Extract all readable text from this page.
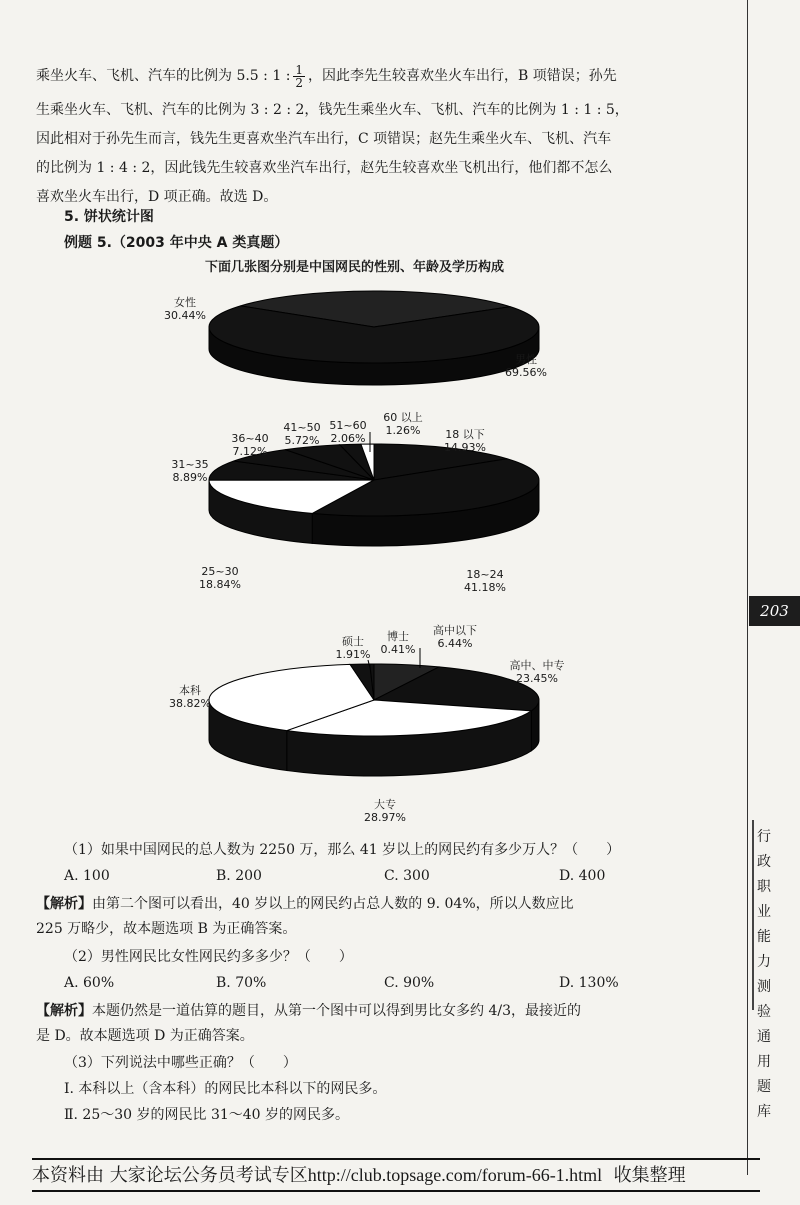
乘坐火车、飞机、汽车的比例为 5.5 : 1 : $\frac{1}{2}$ ，因此李先生较喜欢坐火车出行，B 项错误；孙先
生乘坐火车、飞机、汽车的比例为 3 : 2 : 2，钱先生乘坐火车、飞机、汽车的比例为 1 : 1 : 5，
因此相对于孙先生而言，钱先生更喜欢坐汽车出行，C 项错误；赵先生乘坐火车、飞机、汽车
的比例为 1 : 4 : 2，因此钱先生较喜欢坐汽车出行，赵先生较喜欢坐飞机出行，他们都不怎么
喜欢坐火车出行，D 项正确。故选 D。
5. 饼状统计图
例题 5.（2003 年中央 A 类真题）
下面几张图分别是中国网民的性别、年龄及学历构成
女性
30.44%
男性
69.56%
18 以下
14.93%
18~24
41.18%
25~30
18.84%
31~35
8.89%
36~40
7.12%
41~50
5.72%
51~60
2.06%
60 以上
1.26%
高中以下
6.44%
高中、中专
23.45%
大专
28.97%
本科
38.82%
硕士
1.91%
博士
0.41%
（1）如果中国网民的总人数为 2250 万，那么 41 岁以上的网民约有多少万人？（　　）
A. 100	B. 200	C. 300	D. 400
【解析】由第二个图可以看出，40 岁以上的网民约占总人数的 9. 04%，所以人数应比
225 万略少，故本题选项 B 为正确答案。
（2）男性网民比女性网民约多多少？（　　）
A. 60%	B. 70%	C. 90%	D. 130%
【解析】本题仍然是一道估算的题目，从第一个图中可以得到男比女多约 4/3，最接近的
是 D。故本题选项 D 为正确答案。
（3）下列说法中哪些正确？（　　）
Ⅰ. 本科以上（含本科）的网民比本科以下的网民多。
Ⅱ. 25～30 岁的网民比 31～40 岁的网民多。
203
行
政
职
业
能
力
测
验
通
用
题
库
本资料由 大家论坛公务员考试专区http://club.topsage.com/forum-66-1.html 收集整理
